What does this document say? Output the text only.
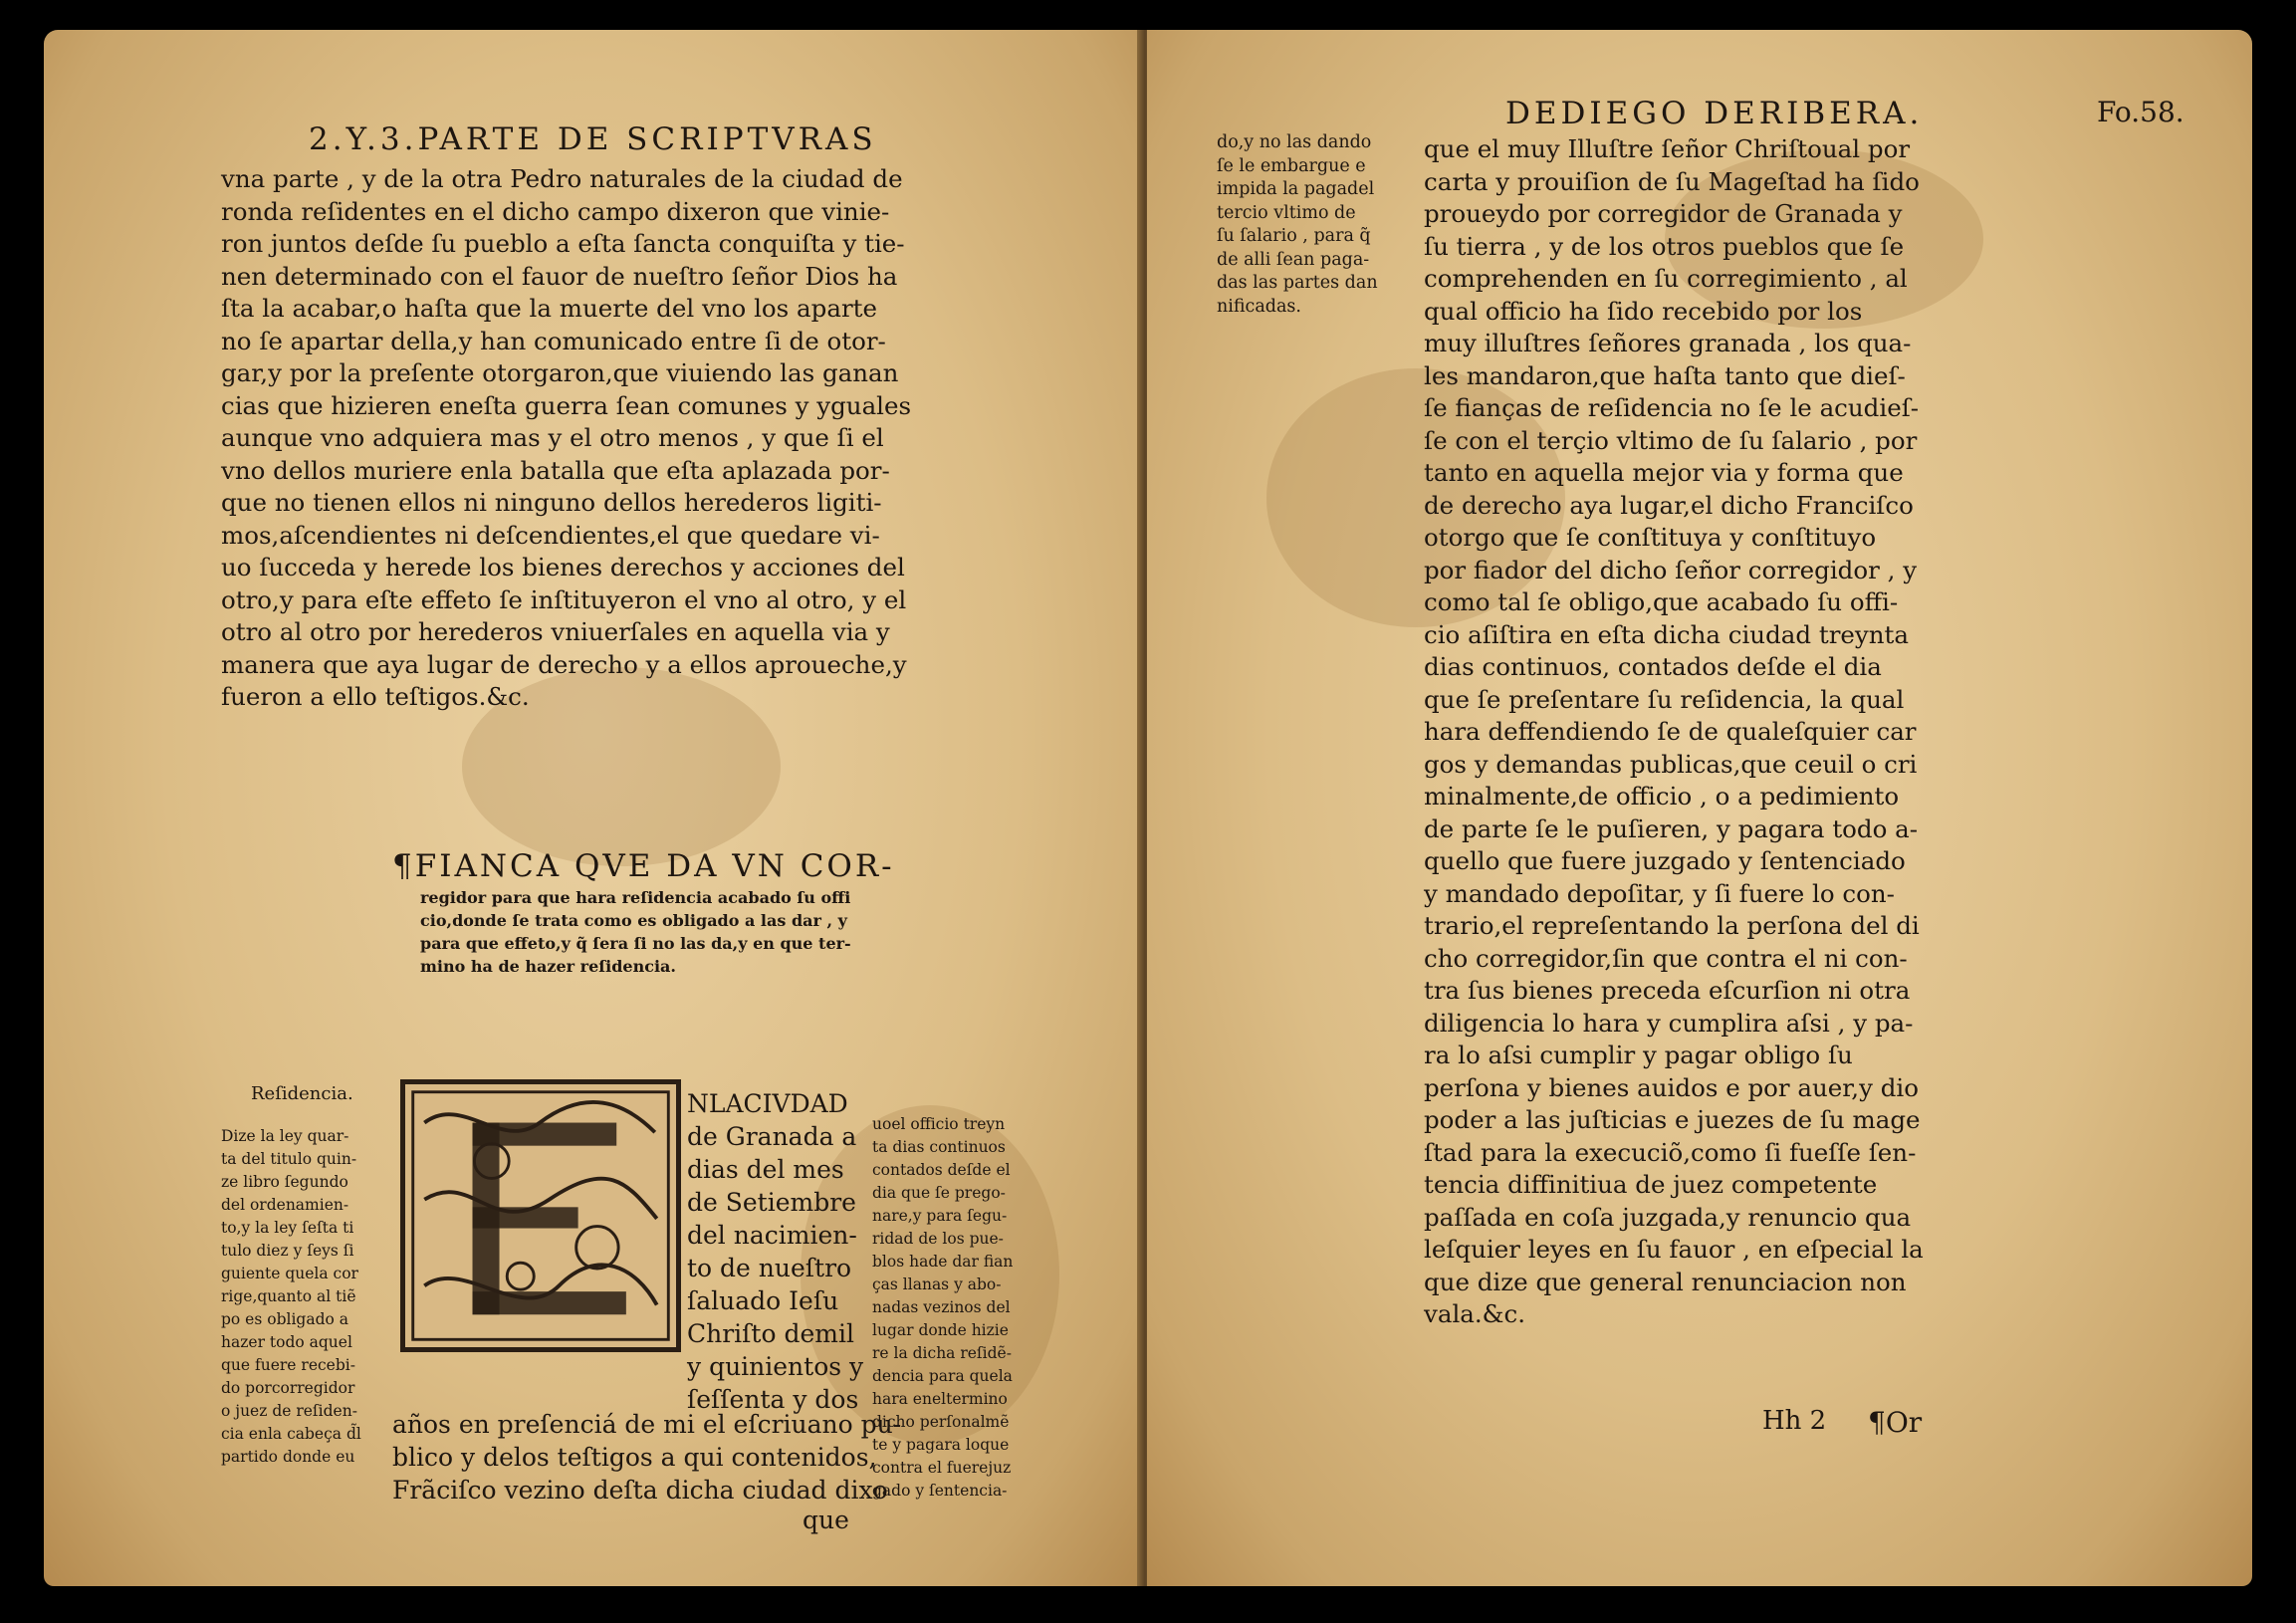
2.Y.3.PARTE DE SCRIPTVRAS
vna parte , y de la otra Pedro naturales de la ciudad de
ronda reſidentes en el dicho campo dixeron que vinie-
ron juntos deſde ſu pueblo a eſta ſancta conquiſta y tie-
nen determinado con el fauor de nueſtro ſeñor Dios ha
ſta la acabar,o haſta que la muerte del vno los aparte
no ſe apartar della,y han comunicado entre ſi de otor-
gar,y por la preſente otorgaron,que viuiendo las ganan
cias que hizieren eneſta guerra ſean comunes y yguales
aunque vno adquiera mas y el otro menos , y que ſi el
vno dellos muriere enla batalla que eſta aplazada por-
que no tienen ellos ni ninguno dellos herederos ligiti-
mos,aſcendientes ni deſcendientes,el que quedare vi-
uo ſucceda y herede los bienes derechos y acciones del
otro,y para eſte effeto ſe inſtituyeron el vno al otro, y el
otro al otro por herederos vniuerſales en aquella via y
manera que aya lugar de derecho y a ellos aproueche,y
fueron a ello teſtigos.&c.
¶FIANCA QVE DA VN COR-
regidor para que hara reſidencia acabado ſu offi
cio,donde ſe trata como es obligado a las dar , y
para que effeto,y q̃ ſera ſi no las da,y en que ter-
mino ha de hazer reſidencia.
Reſidencia.
Dize la ley quar-
ta del titulo quin-
ze libro ſegundo
del ordenamien-
to,y la ley ſeſta ti
tulo diez y ſeys ſi
guiente quela cor
rige,quanto al tiẽ
po es obligado a
hazer todo aquel
que fuere recebi-
do porcorregidor
o juez de reſiden-
cia enla cabeça d̃l
partido donde eu
NLACIVDAD
de Granada a
dias del mes
de Setiembre
del nacimien-
to de nueſtro
ſaluado Ieſu
Chriſto demil
y quinientos y
ſeſſenta y dos
años en preſenciá de mi el eſcriuano pu-
blico y delos teſtigos a qui contenidos,
Frãciſco vezino deſta dicha ciudad dixo
que
uoel officio treyn
ta dias continuos
contados deſde el
dia que ſe prego-
nare,y para ſegu-
ridad de los pue-
blos hade dar fian
ças llanas y abo-
nadas vezinos del
lugar donde hizie
re la dicha reſidẽ-
dencia para quela
hara eneltermino
dicho perſonalmẽ
te y pagara loque
contra el fuerejuz
gado y ſentencia-
DEDIEGO DERIBERA.	Fo.58.
do,y no las dando
ſe le embargue e
impida la pagadel
tercio vltimo de
ſu ſalario , para q̃
de alli ſean paga-
das las partes dan
nificadas.
que el muy Illuſtre ſeñor Chriſtoual por
carta y prouiſion de ſu Mageſtad ha ſido
proueydo por corregidor de Granada y
ſu tierra , y de los otros pueblos que ſe
comprehenden en ſu corregimiento , al
qual officio ha ſido recebido por los
muy illuſtres ſeñores granada , los qua-
les mandaron,que haſta tanto que dieſ-
ſe fianças de reſidencia no ſe le acudieſ-
ſe con el terçio vltimo de ſu ſalario , por
tanto en aquella mejor via y forma que
de derecho aya lugar,el dicho Franciſco
otorgo que ſe conſtituya y conſtituyo
por fiador del dicho ſeñor corregidor , y
como tal ſe obligo,que acabado ſu offi-
cio aſiſtira en eſta dicha ciudad treynta
dias continuos, contados deſde el dia
que ſe preſentare ſu reſidencia, la qual
hara deffendiendo ſe de qualeſquier car
gos y demandas publicas,que ceuil o cri
minalmente,de officio , o a pedimiento
de parte ſe le puſieren, y pagara todo a-
quello que fuere juzgado y ſentenciado
y mandado depoſitar, y ſi fuere lo con-
trario,el repreſentando la perſona del di
cho corregidor,ſin que contra el ni con-
tra ſus bienes preceda eſcurſion ni otra
diligencia lo hara y cumplira aſsi , y pa-
ra lo aſsi cumplir y pagar obligo ſu
perſona y bienes auidos e por auer,y dio
poder a las juſticias e juezes de ſu mage
ſtad para la execuciõ,como ſi fueſſe ſen-
tencia diffinitiua de juez competente
paſſada en coſa juzgada,y renuncio qua
leſquier leyes en ſu fauor , en eſpecial la
que dize que general renunciacion non
vala.&c.
Hh 2 ¶Or
